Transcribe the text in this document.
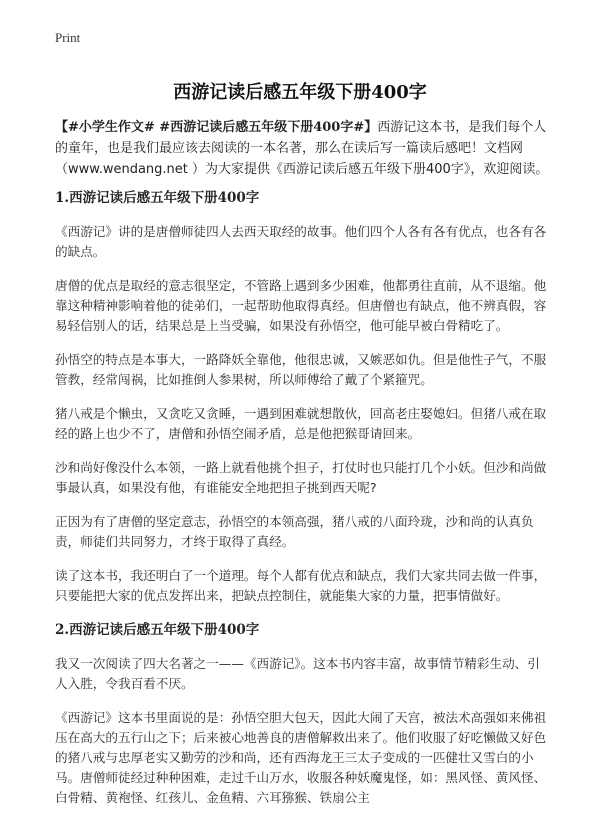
Print
西游记读后感五年级下册400字

【#小学生作文# #西游记读后感五年级下册400字#】西游记这本书，是我们每个人的童年，也是我们最应该去阅读的一本名著，那么在读后写一篇读后感吧！文档网（www.wendang.net ）为大家提供《西游记读后感五年级下册400字》，欢迎阅读。

1.西游记读后感五年级下册400字

《西游记》讲的是唐僧师徒四人去西天取经的故事。他们四个人各有各有优点，也各有各的缺点。

唐僧的优点是取经的意志很坚定，不管路上遇到多少困难，他都勇往直前，从不退缩。他靠这种精神影响着他的徒弟们，一起帮助他取得真经。但唐僧也有缺点，他不辨真假，容易轻信别人的话，结果总是上当受骗，如果没有孙悟空，他可能早被白骨精吃了。

孙悟空的特点是本事大，一路降妖全靠他，他很忠诚，又嫉恶如仇。但是他性子气，不服管教，经常闯祸，比如推倒人参果树，所以师傅给了戴了个紧箍咒。

猪八戒是个懒虫，又贪吃又贪睡，一遇到困难就想散伙，回高老庄娶媳妇。但猪八戒在取经的路上也少不了，唐僧和孙悟空闹矛盾，总是他把猴哥请回来。

沙和尚好像没什么本领，一路上就看他挑个担子，打仗时也只能打几个小妖。但沙和尚做事最认真，如果没有他，有谁能安全地把担子挑到西天呢?

正因为有了唐僧的坚定意志，孙悟空的本领高强，猪八戒的八面玲珑，沙和尚的认真负责，师徒们共同努力，才终于取得了真经。

读了这本书，我还明白了一个道理。每个人都有优点和缺点，我们大家共同去做一件事，只要能把大家的优点发挥出来，把缺点控制住，就能集大家的力量，把事情做好。

2.西游记读后感五年级下册400字

我又一次阅读了四大名著之一——《西游记》。这本书内容丰富，故事情节精彩生动、引人入胜，令我百看不厌。

《西游记》这本书里面说的是：孙悟空胆大包天，因此大闹了天宫，被法术高强如来佛祖压在高大的五行山之下；后来被心地善良的唐僧解救出来了。他们收服了好吃懒做又好色的猪八戒与忠厚老实又勤劳的沙和尚，还有西海龙王三太子变成的一匹健壮又雪白的小马。唐僧师徒经过种种困难，走过千山万水，收服各种妖魔鬼怪，如：黑风怪、黄风怪、白骨精、黄袍怪、红孩儿、金鱼精、六耳猕猴、铁扇公主
